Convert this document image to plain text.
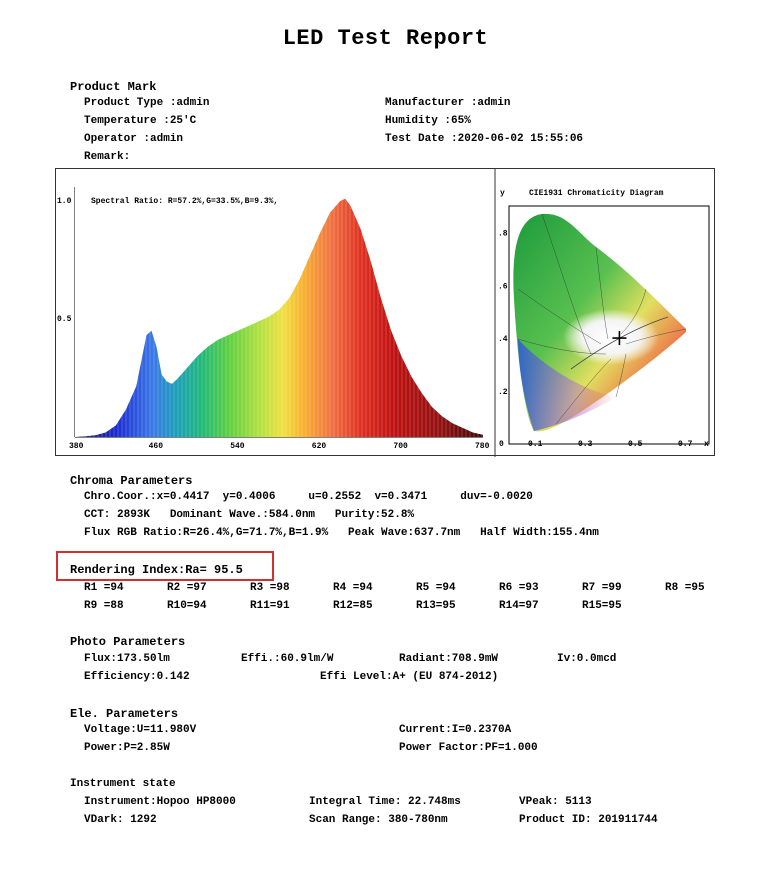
LED Test Report
Product Mark
Product Type :admin	Manufacturer :admin
Temperature :25'C	Humidity :65%
Operator :admin	Test Date :2020-06-02 15:55:06
Remark:
Spectral Ratio: R=57.2%,G=33.5%,B=9.3%,
1.0
0.5
y	CIE1931 Chromaticity Diagram
x
380	460	540	620	700	780 0	0.1	0.3	0.5	0.7
.8
.6
.4
.2
Chroma Parameters
Chro.Coor.:x=0.4417  y=0.4006     u=0.2552  v=0.3471     duv=-0.0020
CCT: 2893K   Dominant Wave.:584.0nm   Purity:52.8%
Flux RGB Ratio:R=26.4%,G=71.7%,B=1.9%   Peak Wave:637.7nm   Half Width:155.4nm
Rendering Index:Ra= 95.5
R1 =94	R2 =97	R3 =98	R4 =94	R5 =94	R6 =93	R7 =99	R8 =95
R9 =88	R10=94	R11=91	R12=85	R13=95	R14=97	R15=95
Photo Parameters
Flux:173.50lm	Effi.:60.9lm/W	Radiant:708.9mW	Iv:0.0mcd
Efficiency:0.142	Effi Level:A+ (EU 874-2012)
Ele. Parameters
Voltage:U=11.980V	Current:I=0.2370A
Power:P=2.85W	Power Factor:PF=1.000
Instrument state
Instrument:Hopoo HP8000	Integral Time: 22.748ms	VPeak: 5113
VDark: 1292	Scan Range: 380-780nm	Product ID: 201911744
